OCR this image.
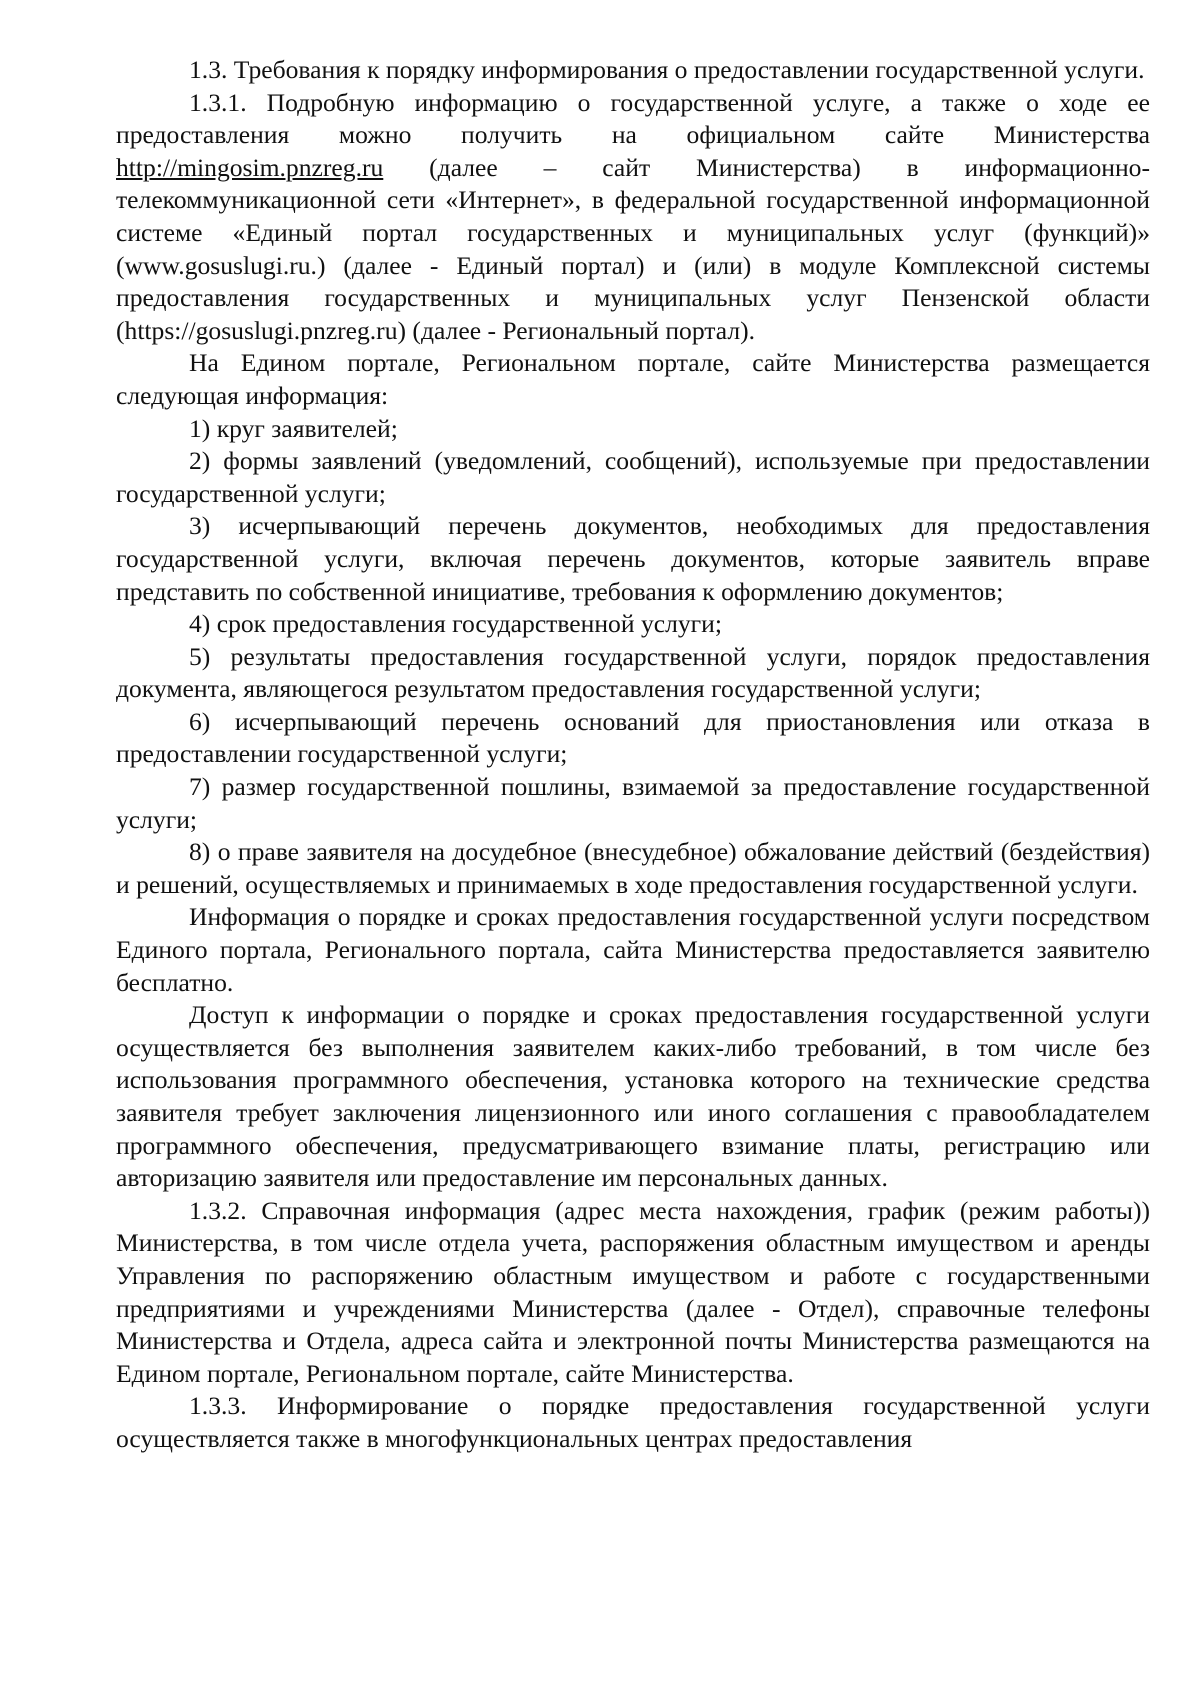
1.3. Требования к порядку информирования о предоставлении государственной услуги.

1.3.1. Подробную информацию о государственной услуге, а также о ходе ее предоставления можно получить на официальном сайте Министерства http://mingosim.pnzreg.ru (далее – сайт Министерства) в информационно-телекоммуникационной сети «Интернет», в федеральной государственной информационной системе «Единый портал государственных и муниципальных услуг (функций)» (www.gosuslugi.ru.) (далее - Единый портал) и (или) в модуле Комплексной системы предоставления государственных и муниципальных услуг Пензенской области (https://gosuslugi.pnzreg.ru) (далее - Региональный портал).

На Едином портале, Региональном портале, сайте Министерства размещается следующая информация:

1) круг заявителей;

2) формы заявлений (уведомлений, сообщений), используемые при предоставлении государственной услуги;

3) исчерпывающий перечень документов, необходимых для предоставления государственной услуги, включая перечень документов, которые заявитель вправе представить по собственной инициативе, требования к оформлению документов;

4) срок предоставления государственной услуги;

5) результаты предоставления государственной услуги, порядок предоставления документа, являющегося результатом предоставления государственной услуги;

6) исчерпывающий перечень оснований для приостановления или отказа в предоставлении государственной услуги;

7) размер государственной пошлины, взимаемой за предоставление государственной услуги;

8) о праве заявителя на досудебное (внесудебное) обжалование действий (бездействия) и решений, осуществляемых и принимаемых в ходе предоставления государственной услуги.

Информация о порядке и сроках предоставления государственной услуги посредством Единого портала, Регионального портала, сайта Министерства предоставляется заявителю бесплатно.

Доступ к информации о порядке и сроках предоставления государственной услуги осуществляется без выполнения заявителем каких-либо требований, в том числе без использования программного обеспечения, установка которого на технические средства заявителя требует заключения лицензионного или иного соглашения с правообладателем программного обеспечения, предусматривающего взимание платы, регистрацию или авторизацию заявителя или предоставление им персональных данных.

1.3.2. Справочная информация (адрес места нахождения, график (режим работы)) Министерства, в том числе отдела учета, распоряжения областным имуществом и аренды Управления по распоряжению областным имуществом и работе с государственными предприятиями и учреждениями Министерства (далее - Отдел), справочные телефоны Министерства и Отдела, адреса сайта и электронной почты Министерства размещаются на Едином портале, Региональном портале, сайте Министерства.

1.3.3. Информирование о порядке предоставления государственной услуги осуществляется также в многофункциональных центрах предоставления
